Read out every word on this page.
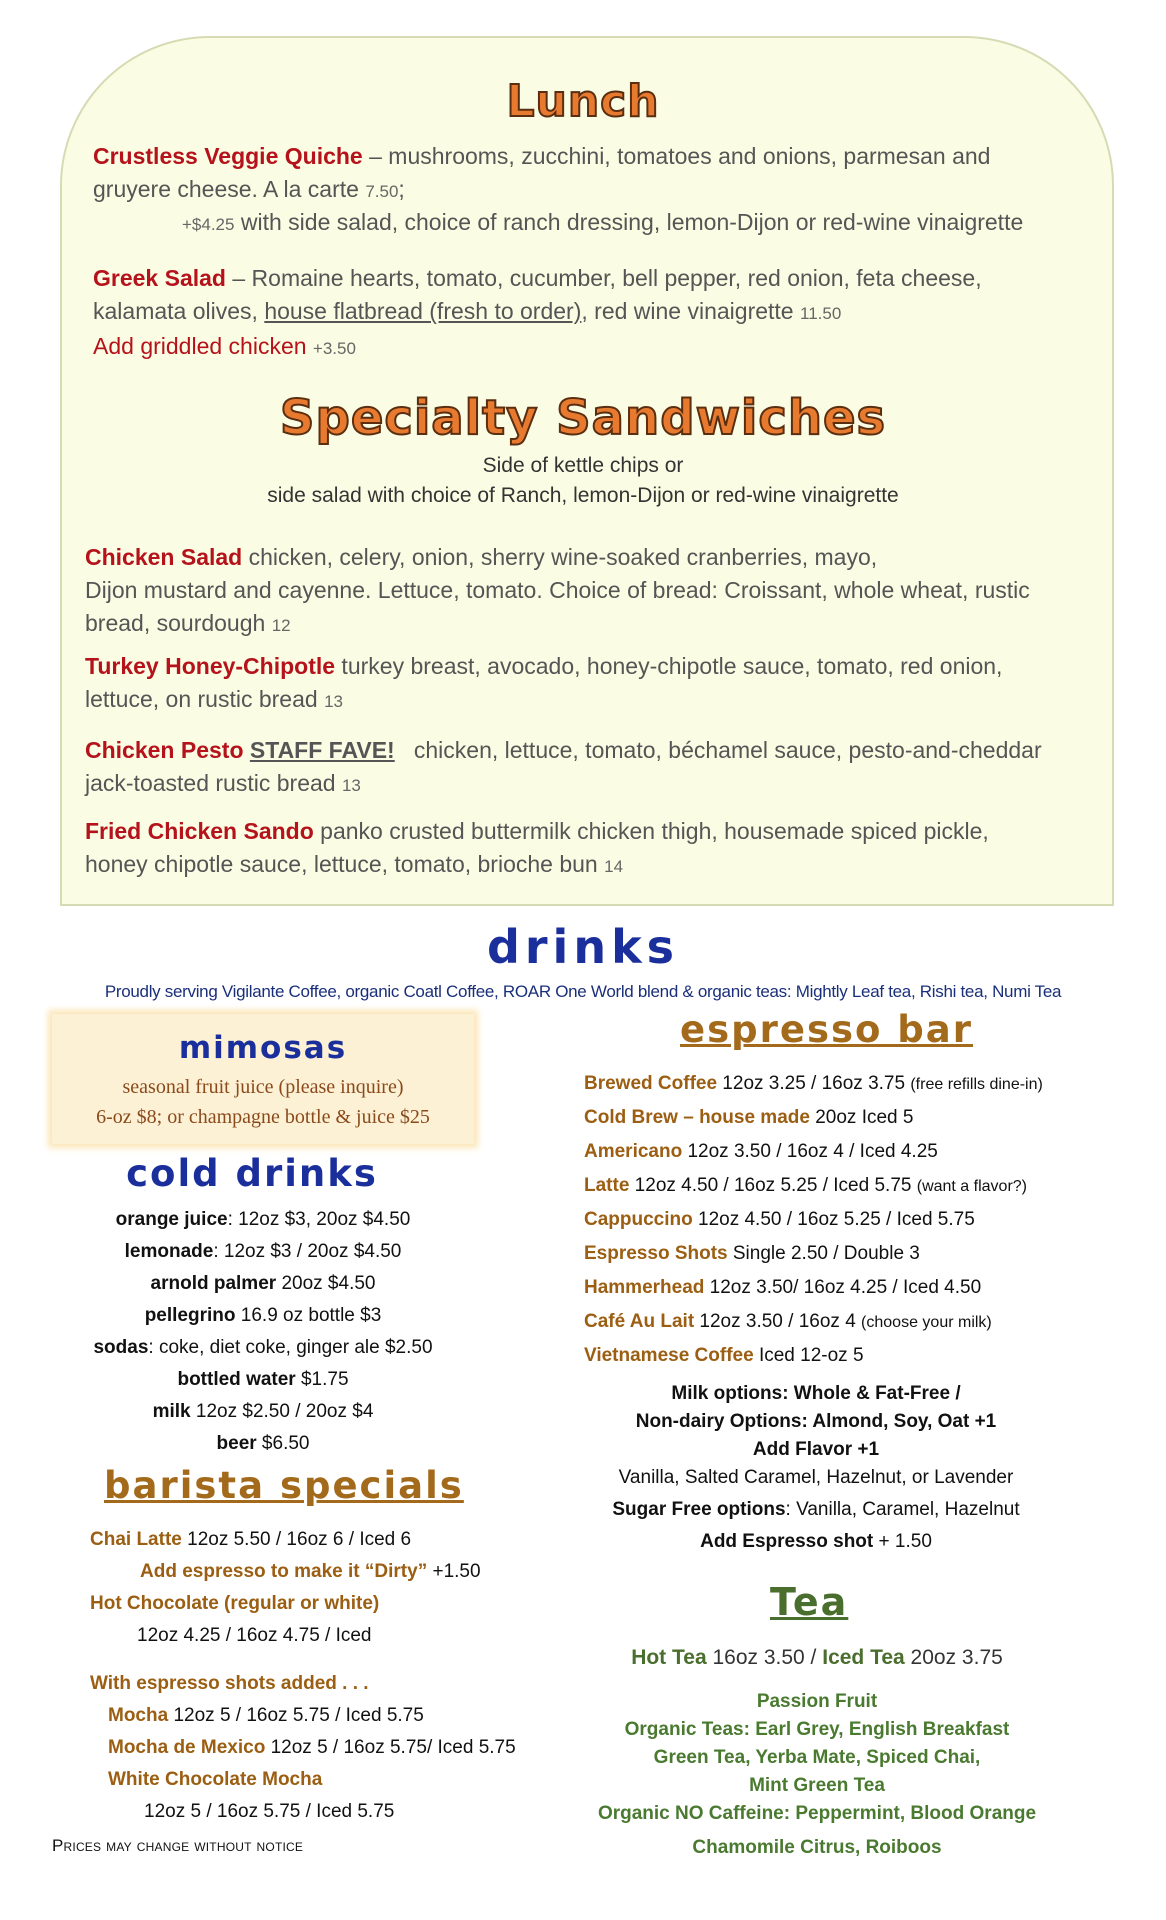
Lunch
Crustless Veggie Quiche – mushrooms, zucchini, tomatoes and onions, parmesan and
gruyere cheese. A la carte 7.50;
+$4.25 with side salad, choice of ranch dressing, lemon-Dijon or red-wine vinaigrette
Greek Salad – Romaine hearts, tomato, cucumber, bell pepper, red onion, feta cheese,
kalamata olives, house flatbread (fresh to order), red wine vinaigrette 11.50
Add griddled chicken +3.50
Specialty Sandwiches
Side of kettle chips or
side salad with choice of Ranch, lemon-Dijon or red-wine vinaigrette
Chicken Salad chicken, celery, onion, sherry wine-soaked cranberries, mayo,
Dijon mustard and cayenne. Lettuce, tomato. Choice of bread: Croissant, whole wheat, rustic
bread, sourdough 12
Turkey Honey-Chipotle turkey breast, avocado, honey-chipotle sauce, tomato, red onion,
lettuce, on rustic bread 13
Chicken Pesto STAFF FAVE!   chicken, lettuce, tomato, béchamel sauce, pesto-and-cheddar
jack-toasted rustic bread 13
Fried Chicken Sando panko crusted buttermilk chicken thigh, housemade spiced pickle,
honey chipotle sauce, lettuce, tomato, brioche bun 14
drinks
Proudly serving Vigilante Coffee, organic Coatl Coffee, ROAR One World blend & organic teas: Mightly Leaf tea, Rishi tea, Numi Tea
mimosas
seasonal fruit juice (please inquire)
6-oz $8; or champagne bottle & juice $25
cold drinks
orange juice: 12oz $3, 20oz $4.50
lemonade: 12oz $3 / 20oz $4.50
arnold palmer 20oz $4.50
pellegrino 16.9 oz bottle $3
sodas: coke, diet coke, ginger ale $2.50
bottled water $1.75
milk 12oz $2.50 / 20oz $4
beer $6.50
barista specials
Chai Latte 12oz 5.50 / 16oz 6 / Iced 6
Add espresso to make it “Dirty” +1.50
Hot Chocolate (regular or white)
12oz 4.25 / 16oz 4.75 / Iced
With espresso shots added . . .
Mocha 12oz 5 / 16oz 5.75 / Iced 5.75
Mocha de Mexico 12oz 5 / 16oz 5.75/ Iced 5.75
White Chocolate Mocha
12oz 5 / 16oz 5.75 / Iced 5.75
Prices may change without notice
espresso bar
Brewed Coffee 12oz 3.25 / 16oz 3.75 (free refills dine-in)
Cold Brew – house made 20oz Iced 5
Americano 12oz 3.50 / 16oz 4 / Iced 4.25
Latte 12oz 4.50 / 16oz 5.25 / Iced 5.75 (want a flavor?)
Cappuccino 12oz 4.50 / 16oz 5.25 / Iced 5.75
Espresso Shots Single 2.50 / Double 3
Hammerhead 12oz 3.50/ 16oz 4.25 / Iced 4.50
Café Au Lait 12oz 3.50 / 16oz 4 (choose your milk)
Vietnamese Coffee Iced 12-oz 5
Milk options: Whole & Fat-Free /
Non-dairy Options: Almond, Soy, Oat +1
Add Flavor +1
Vanilla, Salted Caramel, Hazelnut, or Lavender
Sugar Free options: Vanilla, Caramel, Hazelnut
Add Espresso shot + 1.50
Tea
Hot Tea 16oz 3.50 / Iced Tea 20oz 3.75
Passion Fruit
Organic Teas: Earl Grey, English Breakfast
Green Tea, Yerba Mate, Spiced Chai,
Mint Green Tea
Organic NO Caffeine: Peppermint, Blood Orange
Chamomile Citrus, Roiboos
